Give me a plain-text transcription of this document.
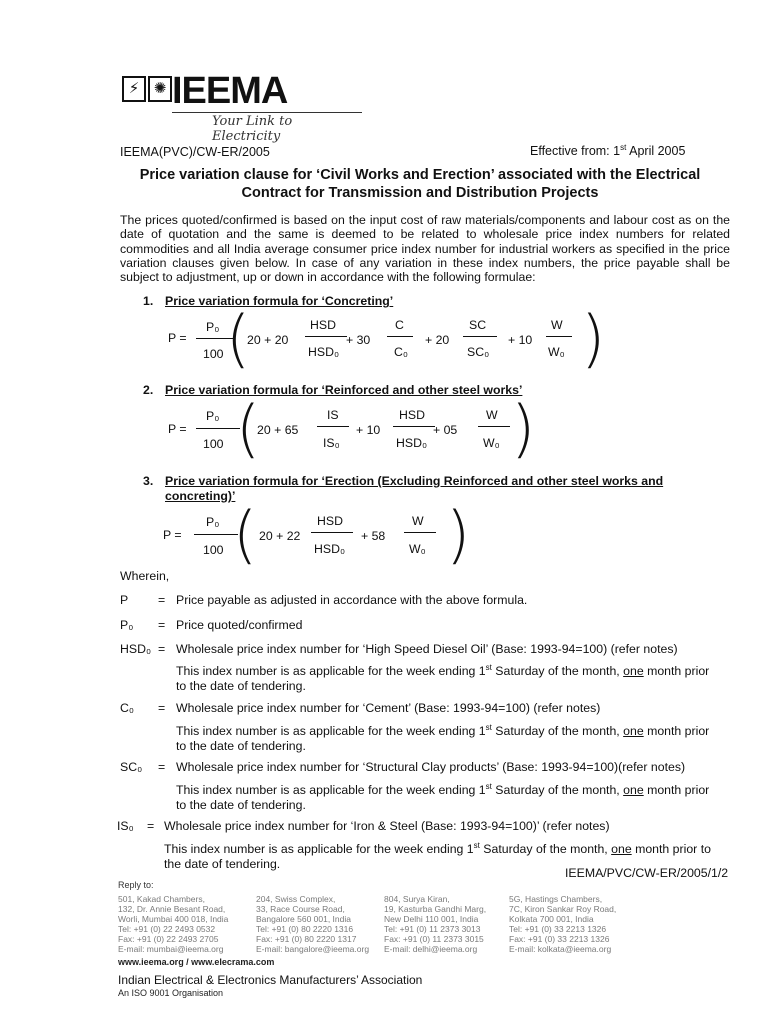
⚡ ✺ IEEMA
Your Link to Electricity
IEEMA(PVC)/CW-ER/2005	Effective from: 1st April 2005
Price variation clause for ‘Civil Works and Erection’ associated with the Electrical
Contract for Transmission and Distribution Projects
The prices quoted/confirmed is based on the input cost of raw materials/components and labour cost as on the date of quotation and the same is deemed to be related to wholesale price index numbers for related commodities and all India average consumer price index number for industrial workers as specified in the price variation clauses given below. In case of any variation in these index numbers, the price payable shall be subject to adjustment, up or down in accordance with the following formulae:
1. Price variation formula for ‘Concreting’
P =
P₀
100 (
20 + 20
HSD
HSD₀
+ 30
C
C₀
+ 20
SC
SC₀
+ 10
W
W₀ )
2. Price variation formula for ‘Reinforced and other steel works’
P =
P₀
100 (
20 + 65
IS
IS₀
+ 10
HSD
HSD₀
+ 05
W
W₀ )
3. Price variation formula for ‘Erection (Excluding Reinforced and other steel works and
concreting)’
P =
P₀
100 ( 20 + 22
HSD
HSD₀
+ 58
W
W₀ )
Wherein,
P = Price payable as adjusted in accordance with the above formula.
P₀ = Price quoted/confirmed
HSD₀ = Wholesale price index number for ‘High Speed Diesel Oil’ (Base: 1993-94=100) (refer notes)
This index number is as applicable for the week ending 1st Saturday of the month, one month prior
to the date of tendering.
C₀ = Wholesale price index number for ‘Cement’ (Base: 1993-94=100) (refer notes)
This index number is as applicable for the week ending 1st Saturday of the month, one month prior
to the date of tendering.
SC₀ = Wholesale price index number for ‘Structural Clay products’ (Base: 1993-94=100)(refer notes)
This index number is as applicable for the week ending 1st Saturday of the month, one month prior
to the date of tendering.
IS₀ = Wholesale price index number for ‘Iron & Steel (Base: 1993-94=100)’ (refer notes)
This index number is as applicable for the week ending 1st Saturday of the month, one month prior to
the date of tendering.
IEEMA/PVC/CW-ER/2005/1/2
Reply to:
501, Kakad Chambers,
132, Dr. Annie Besant Road,
Worli, Mumbai 400 018, India
Tel: +91 (0) 22 2493 0532
Fax: +91 (0) 22 2493 2705
E-mail: mumbai@ieema.org
204, Swiss Complex,
33, Race Course Road,
Bangalore 560 001, India
Tel: +91 (0) 80 2220 1316
Fax: +91 (0) 80 2220 1317
E-mail: bangalore@ieema.org
804, Surya Kiran,
19, Kasturba Gandhi Marg,
New Delhi 110 001, India
Tel: +91 (0) 11 2373 3013
Fax: +91 (0) 11 2373 3015
E-mail: delhi@ieema.org
5G, Hastings Chambers,
7C, Kiron Sankar Roy Road,
Kolkata 700 001, India
Tel: +91 (0) 33 2213 1326
Fax: +91 (0) 33 2213 1326
E-mail: kolkata@ieema.org
www.ieema.org / www.elecrama.com
Indian Electrical & Electronics Manufacturers’ Association
An ISO 9001 Organisation
